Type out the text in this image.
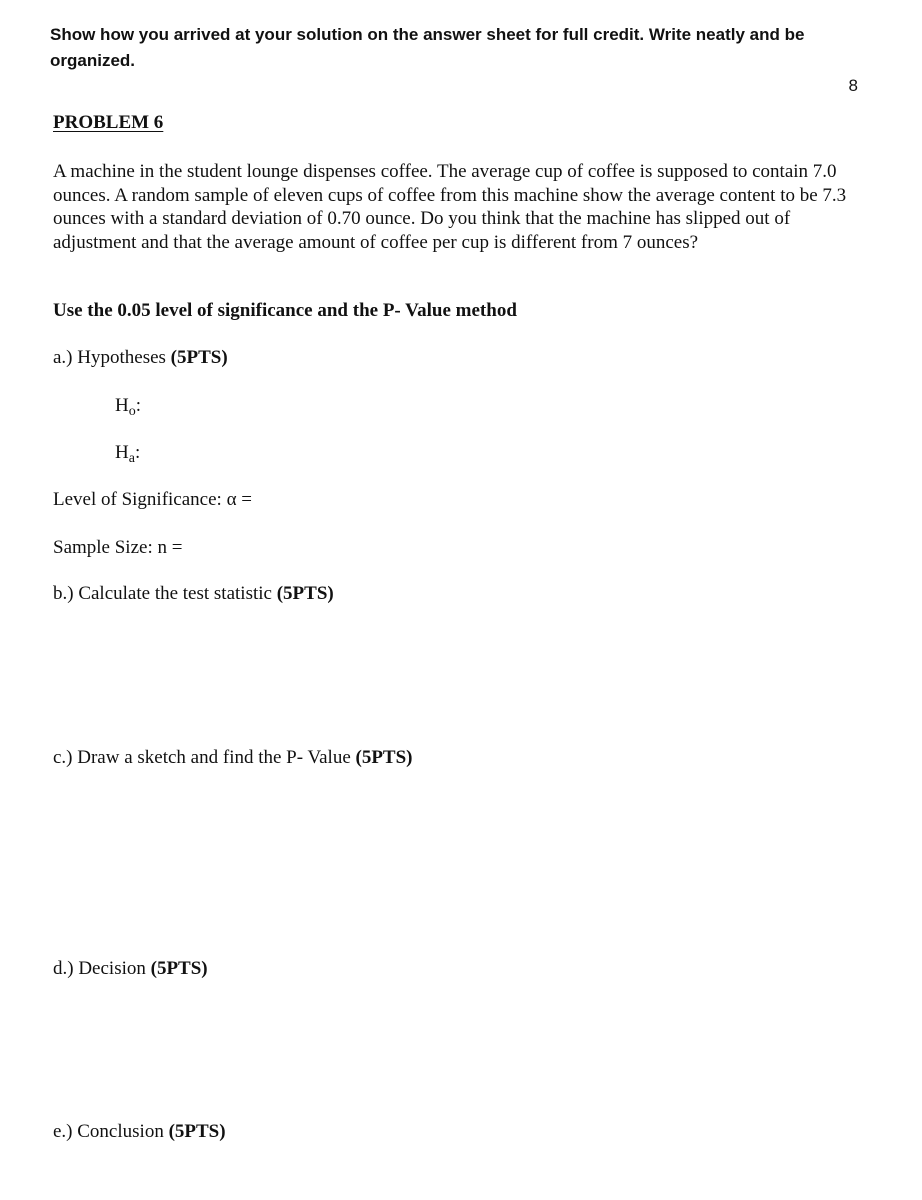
Show how you arrived at your solution on the answer sheet for full credit. Write neatly and be organized.
8
PROBLEM 6
A machine in the student lounge dispenses coffee. The average cup of coffee is supposed to contain 7.0 ounces. A random sample of eleven cups of coffee from this machine show the average content to be 7.3 ounces with a standard deviation of 0.70 ounce. Do you think that the machine has slipped out of adjustment and that the average amount of coffee per cup is different from 7 ounces?
Use the 0.05 level of significance and the P- Value method
a.) Hypotheses (5PTS)
$H_o$:
$H_a$:
Level of Significance: α =
Sample Size: n =
b.) Calculate the test statistic (5PTS)
c.) Draw a sketch and find the P- Value (5PTS)
d.) Decision (5PTS)
e.) Conclusion (5PTS)
